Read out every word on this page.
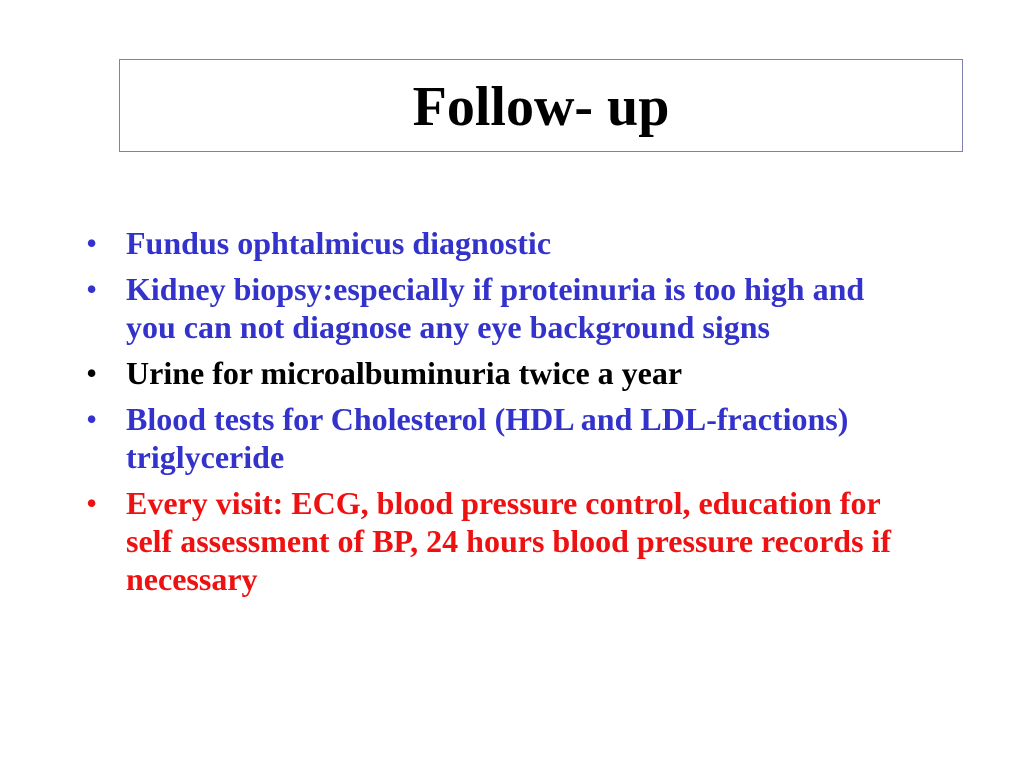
Follow- up
• Fundus ophtalmicus diagnostic
• Kidney biopsy:especially if proteinuria is too high and you can not diagnose any eye background signs
• Urine for microalbuminuria twice a year
• Blood tests for Cholesterol (HDL and LDL-fractions) triglyceride
• Every visit: ECG, blood pressure control, education for self assessment of BP, 24 hours blood pressure records if necessary
